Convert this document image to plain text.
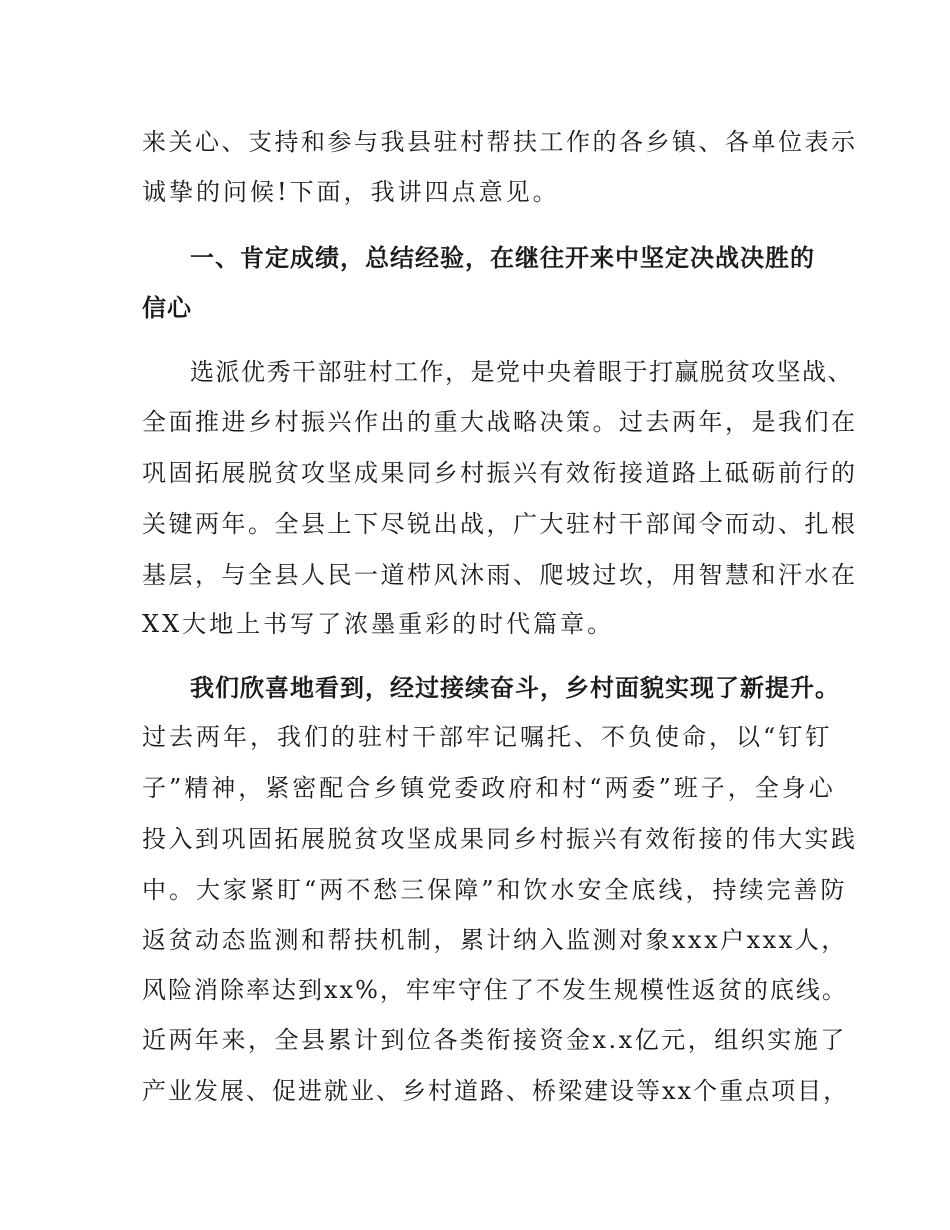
来关心、支持和参与我县驻村帮扶工作的各乡镇、各单位表示

诚挚的问候!下面，我讲四点意见。

一、肯定成绩，总结经验，在继往开来中坚定决战决胜的

信心

选派优秀干部驻村工作，是党中央着眼于打赢脱贫攻坚战、

全面推进乡村振兴作出的重大战略决策。过去两年，是我们在

巩固拓展脱贫攻坚成果同乡村振兴有效衔接道路上砥砺前行的

关键两年。全县上下尽锐出战，广大驻村干部闻令而动、扎根

基层，与全县人民一道栉风沐雨、爬坡过坎，用智慧和汗水在

XX大地上书写了浓墨重彩的时代篇章。

我们欣喜地看到，经过接续奋斗，乡村面貌实现了新提升。

过去两年，我们的驻村干部牢记嘱托、不负使命，以“钉钉

子”精神，紧密配合乡镇党委政府和村“两委”班子，全身心

投入到巩固拓展脱贫攻坚成果同乡村振兴有效衔接的伟大实践

中。大家紧盯“两不愁三保障”和饮水安全底线，持续完善防

返贫动态监测和帮扶机制，累计纳入监测对象xxx户xxx人，

风险消除率达到xx%，牢牢守住了不发生规模性返贫的底线。

近两年来，全县累计到位各类衔接资金x.x亿元，组织实施了

产业发展、促进就业、乡村道路、桥梁建设等xx个重点项目，
